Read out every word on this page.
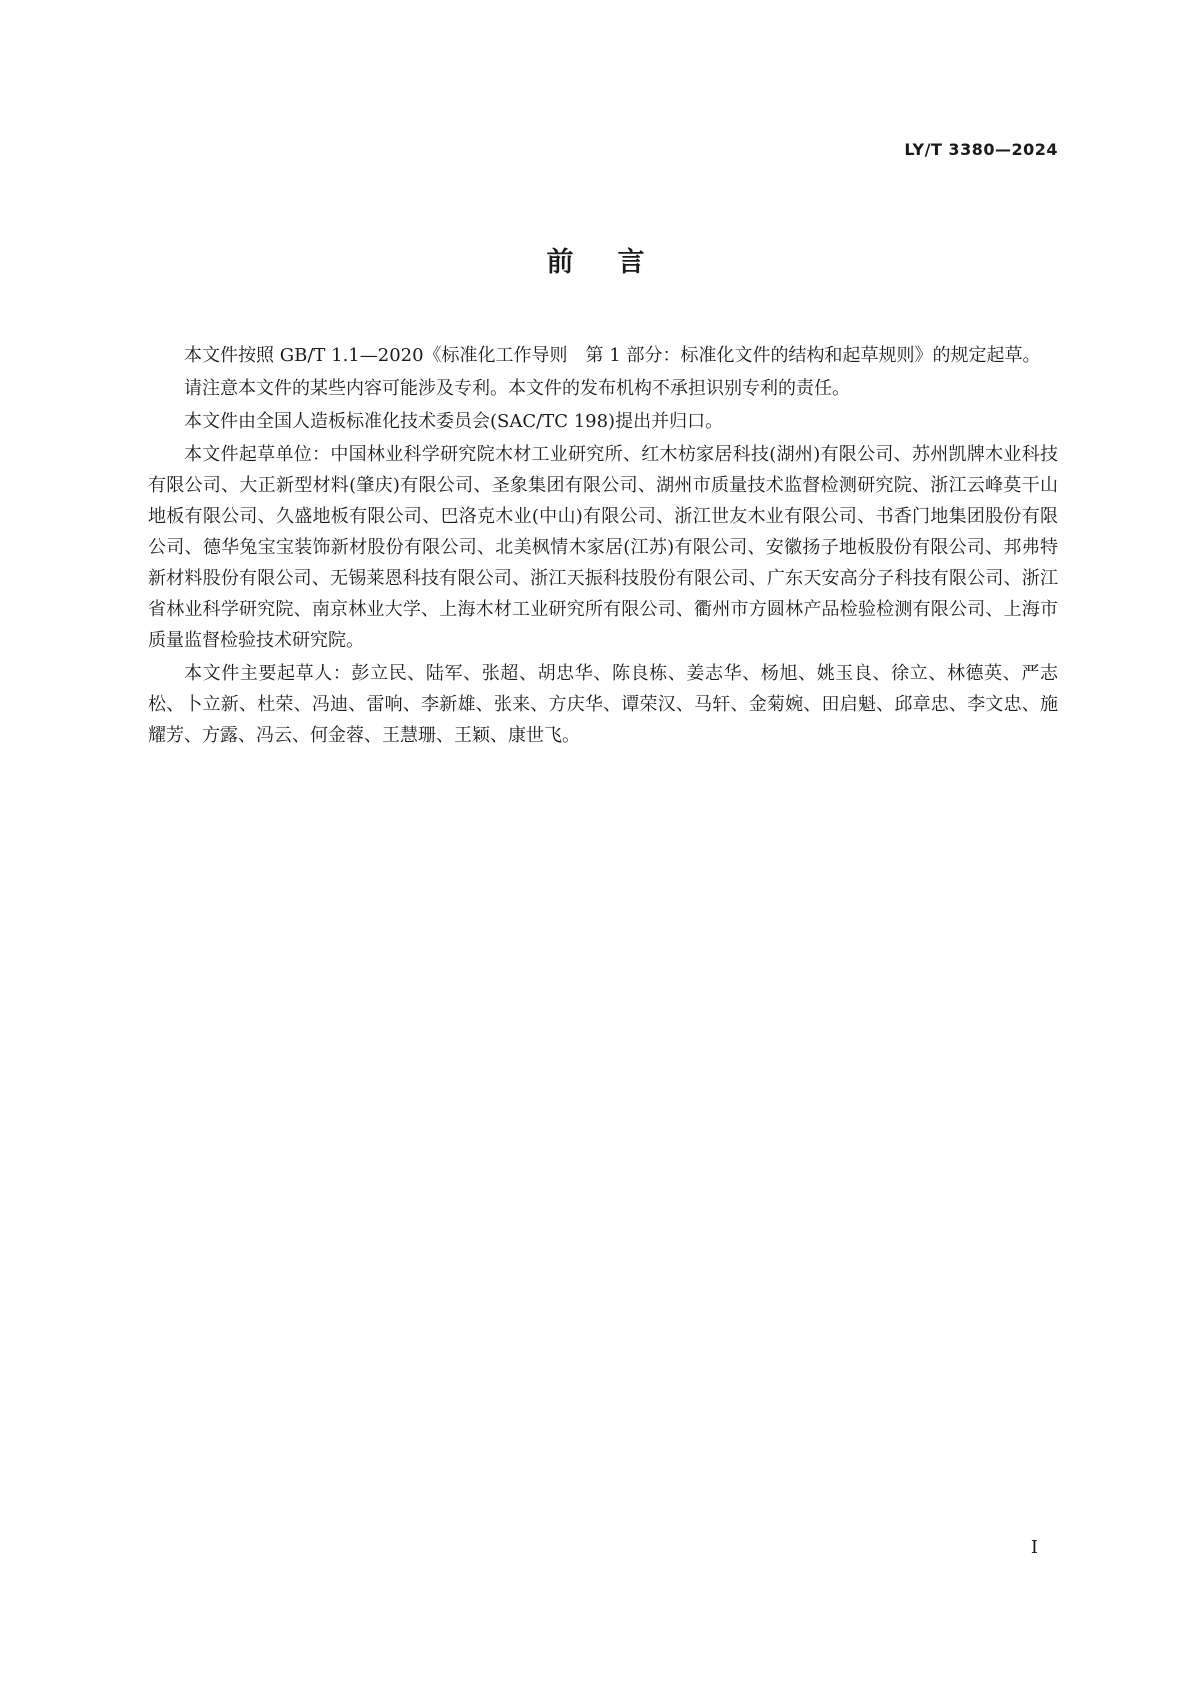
LY/T 3380—2024
前言

本文件按照 GB/T 1.1—2020《标准化工作导则　第 1 部分：标准化文件的结构和起草规则》的规定起草。

请注意本文件的某些内容可能涉及专利。本文件的发布机构不承担识别专利的责任。

本文件由全国人造板标准化技术委员会(SAC/TC 198)提出并归口。

本文件起草单位：中国林业科学研究院木材工业研究所、红木枋家居科技(湖州)有限公司、苏州凯牌木业科技有限公司、大正新型材料(肇庆)有限公司、圣象集团有限公司、湖州市质量技术监督检测研究院、浙江云峰莫干山地板有限公司、久盛地板有限公司、巴洛克木业(中山)有限公司、浙江世友木业有限公司、书香门地集团股份有限公司、德华兔宝宝装饰新材股份有限公司、北美枫情木家居(江苏)有限公司、安徽扬子地板股份有限公司、邦弗特新材料股份有限公司、无锡莱恩科技有限公司、浙江天振科技股份有限公司、广东天安高分子科技有限公司、浙江省林业科学研究院、南京林业大学、上海木材工业研究所有限公司、衢州市方圆林产品检验检测有限公司、上海市质量监督检验技术研究院。

本文件主要起草人：彭立民、陆军、张超、胡忠华、陈良栋、姜志华、杨旭、姚玉良、徐立、林德英、严志松、卜立新、杜荣、冯迪、雷响、李新雄、张来、方庆华、谭荣汉、马轩、金菊婉、田启魁、邱章忠、李文忠、施耀芳、方露、冯云、何金蓉、王慧珊、王颖、康世飞。

I
